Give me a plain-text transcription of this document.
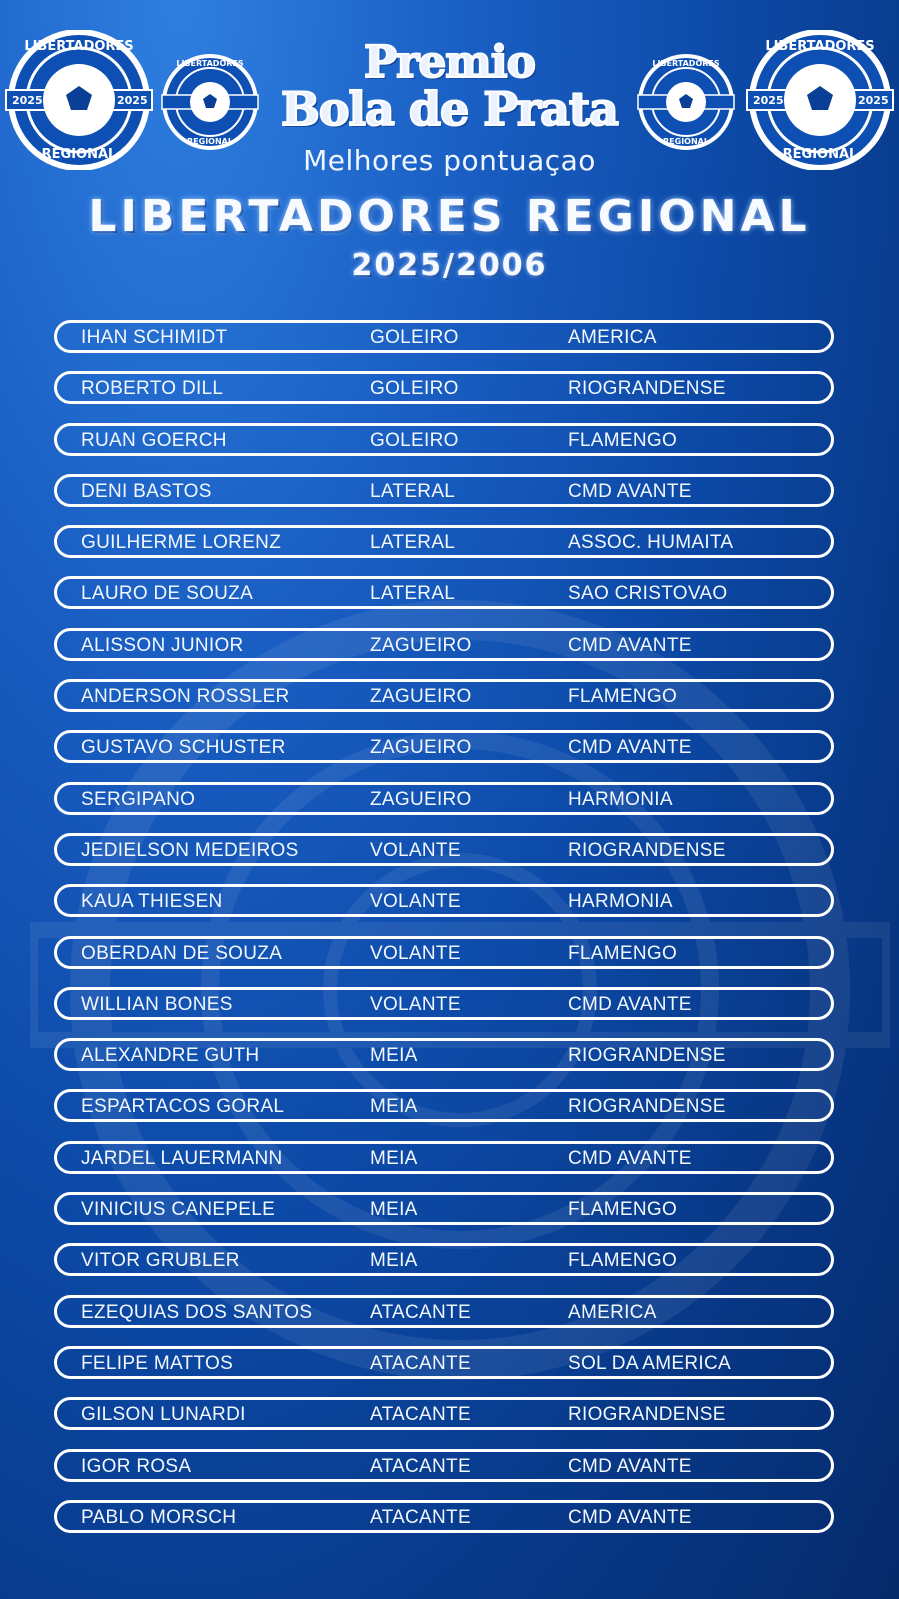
2025	2025
LIBERTADORES
REGIONAL
LIBERTADORES
REGIONAL
LIBERTADORES
REGIONAL
2025	2025
LIBERTADORES
REGIONAL
Premio
Bola de Prata
Melhores pontuaçao
LIBERTADORES REGIONAL
2025/2006
IHAN SCHIMIDT	GOLEIRO	AMERICA
ROBERTO DILL	GOLEIRO	RIOGRANDENSE
RUAN GOERCH	GOLEIRO	FLAMENGO
DENI BASTOS	LATERAL	CMD AVANTE
GUILHERME LORENZ	LATERAL	ASSOC. HUMAITA
LAURO DE SOUZA	LATERAL	SAO CRISTOVAO
ALISSON JUNIOR	ZAGUEIRO	CMD AVANTE
ANDERSON ROSSLER	ZAGUEIRO	FLAMENGO
GUSTAVO SCHUSTER	ZAGUEIRO	CMD AVANTE
SERGIPANO	ZAGUEIRO	HARMONIA
JEDIELSON MEDEIROS	VOLANTE	RIOGRANDENSE
KAUA THIESEN	VOLANTE	HARMONIA
OBERDAN DE SOUZA	VOLANTE	FLAMENGO
WILLIAN BONES	VOLANTE	CMD AVANTE
ALEXANDRE GUTH	MEIA	RIOGRANDENSE
ESPARTACOS GORAL	MEIA	RIOGRANDENSE
JARDEL LAUERMANN	MEIA	CMD AVANTE
VINICIUS CANEPELE	MEIA	FLAMENGO
VITOR GRUBLER	MEIA	FLAMENGO
EZEQUIAS DOS SANTOS	ATACANTE	AMERICA
FELIPE MATTOS	ATACANTE	SOL DA AMERICA
GILSON LUNARDI	ATACANTE	RIOGRANDENSE
IGOR ROSA	ATACANTE	CMD AVANTE
PABLO MORSCH	ATACANTE	CMD AVANTE
